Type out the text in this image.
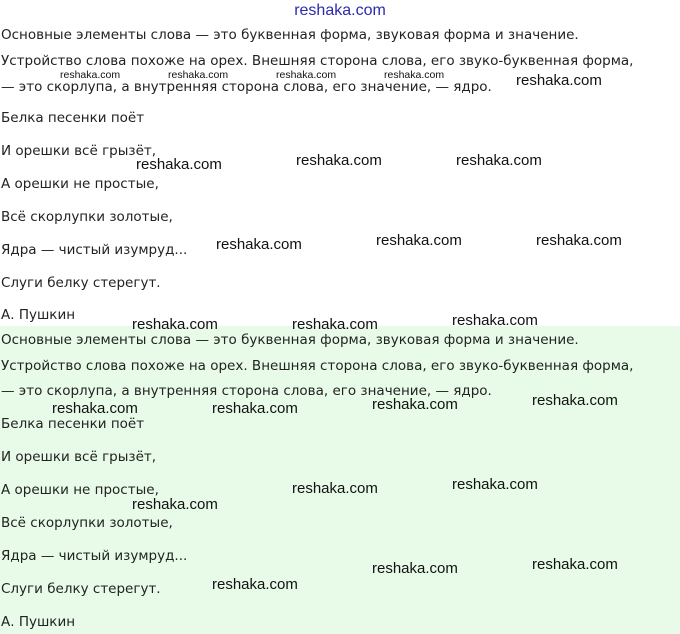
reshaka.com
Основные элементы слова — это буквенная форма, звуковая форма и значение.
Устройство слова похоже на орех. Внешняя сторона слова, его звуко-буквенная форма,
— это скорлупа, а внутренняя сторона слова, его значение, — ядро.
Белка песенки поёт
И орешки всё грызёт,
А орешки не простые,
Всё скорлупки золотые,
Ядра — чистый изумруд...
Слуги белку стерегут.
А. Пушкин
reshaka.com	reshaka.com	reshaka.com	reshaka.com	reshaka.com
reshaka.com	reshaka.com	reshaka.com
reshaka.com	reshaka.com	reshaka.com
Основные элементы слова — это буквенная форма, звуковая форма и значение.
Устройство слова похоже на орех. Внешняя сторона слова, его звуко-буквенная форма,
— это скорлупа, а внутренняя сторона слова, его значение, — ядро.
Белка песенки поёт
И орешки всё грызёт,
А орешки не простые,
Всё скорлупки золотые,
Ядра — чистый изумруд...
Слуги белку стерегут.
А. Пушкин
reshaka.com	reshaka.com	reshaka.com
reshaka.com	reshaka.com	reshaka.com	reshaka.com
reshaka.com
reshaka.com	reshaka.com
reshaka.com
reshaka.com	reshaka.com
